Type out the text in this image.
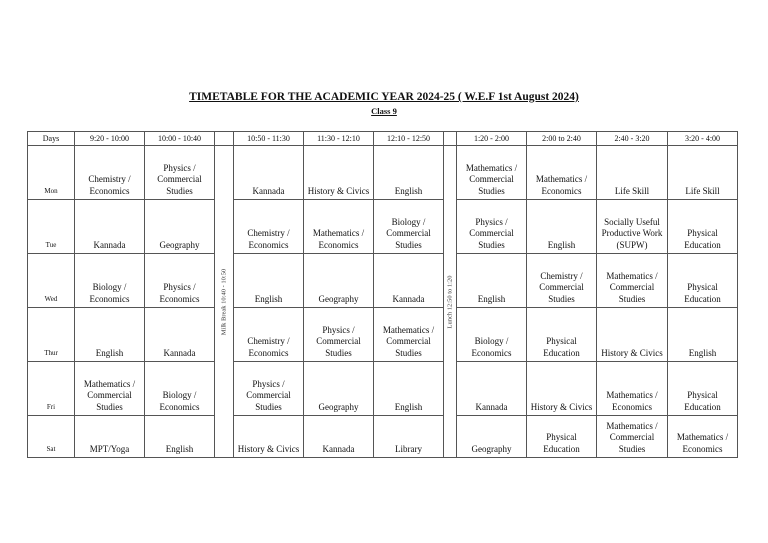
TIMETABLE FOR THE ACADEMIC YEAR 2024-25 ( W.E.F 1st August 2024)
Class 9
Days	9:20 - 10:00	10:00 - 10:40		10:50 - 11:30	11:30 - 12:10	12:10 - 12:50		1:20 - 2:00	2:00 to 2:40	2:40 - 3:20	3:20 - 4:00
Mon	Chemistry / Economics	Physics / Commercial Studies	Milk Break 10:40 - 10:50	Kannada	History & Civics	English	Lunch 12:50 to 1:20	Mathematics / Commercial Studies	Mathematics / Economics	Life Skill	Life Skill
Tue	Kannada	Geography		Chemistry / Economics	Mathematics / Economics	Biology / Commercial Studies		Physics / Commercial Studies	English	Socially Useful Productive Work (SUPW)	Physical Education
Wed	Biology / Economics	Physics / Economics		English	Geography	Kannada		English	Chemistry / Commercial Studies	Mathematics / Commercial Studies	Physical Education
Thur	English	Kannada		Chemistry / Economics	Physics / Commercial Studies	Mathematics / Commercial Studies		Biology / Economics	Physical Education	History & Civics	English
Fri	Mathematics / Commercial Studies	Biology / Economics		Physics / Commercial Studies	Geography	English		Kannada	History & Civics	Mathematics / Economics	Physical Education
Sat	MPT/Yoga	English		History & Civics	Kannada	Library		Geography	Physical Education	Mathematics / Commercial Studies	Mathematics / Economics
